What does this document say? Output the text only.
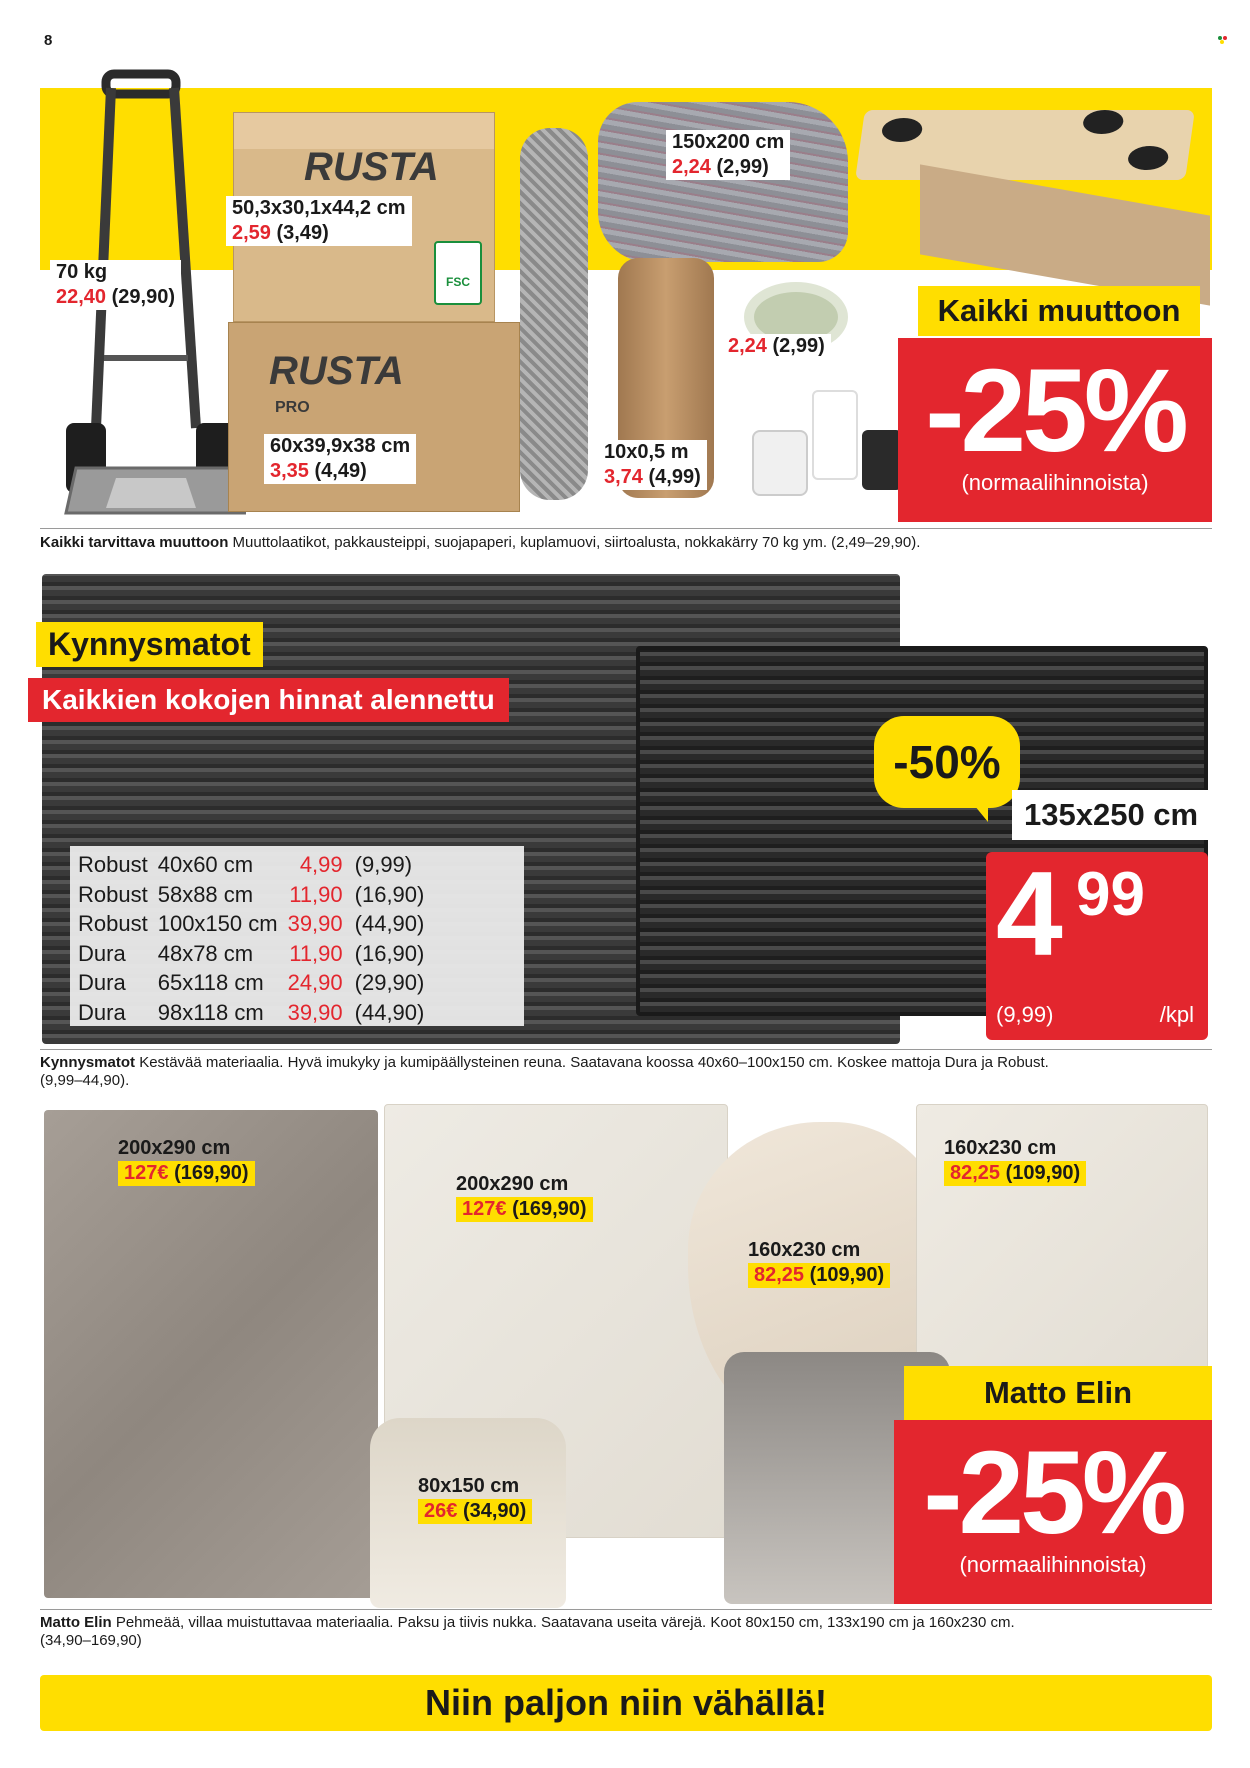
8
RUSTA
FSC
RUSTA
PRO
70 kg
22,40 (29,90)
50,3x30,1x44,2 cm
2,59 (3,49)
60x39,9x38 cm
3,35 (4,49)
150x200 cm
2,24 (2,99)
2,24 (2,99)
10x0,5 m
3,74 (4,99)
Kaikki muuttoon
-25%
(normaalihinnoista)
Kaikki tarvittava muuttoon Muuttolaatikot, pakkausteippi, suojapaperi, kuplamuovi, siirtoalusta, nokkakärry 70 kg ym. (2,49–29,90).
Kynnysmatot
Kaikkien kokojen hinnat alennettu
Robust	40x60 cm	4,99	(9,99)
Robust	58x88 cm	11,90	(16,90)
Robust	100x150 cm	39,90	(44,90)
Dura	48x78 cm	11,90	(16,90)
Dura	65x118 cm	24,90	(29,90)
Dura	98x118 cm	39,90	(44,90)
-50%
135x250 cm
4 99
(9,99)	/kpl
Kynnysmatot Kestävää materiaalia. Hyvä imukyky ja kumipäällysteinen reuna. Saatavana koossa 40x60–100x150 cm. Koskee mattoja Dura ja Robust.
(9,99–44,90).
200x290 cm
127€ (169,90)	200x290 cm
127€ (169,90)
160x230 cm
82,25 (109,90)
160x230 cm
82,25 (109,90)
80x150 cm
26€ (34,90)
Matto Elin
-25%
(normaalihinnoista)
Matto Elin Pehmeää, villaa muistuttavaa materiaalia. Paksu ja tiivis nukka. Saatavana useita värejä. Koot 80x150 cm, 133x190 cm ja 160x230 cm.
(34,90–169,90)
Niin paljon niin vähällä!
